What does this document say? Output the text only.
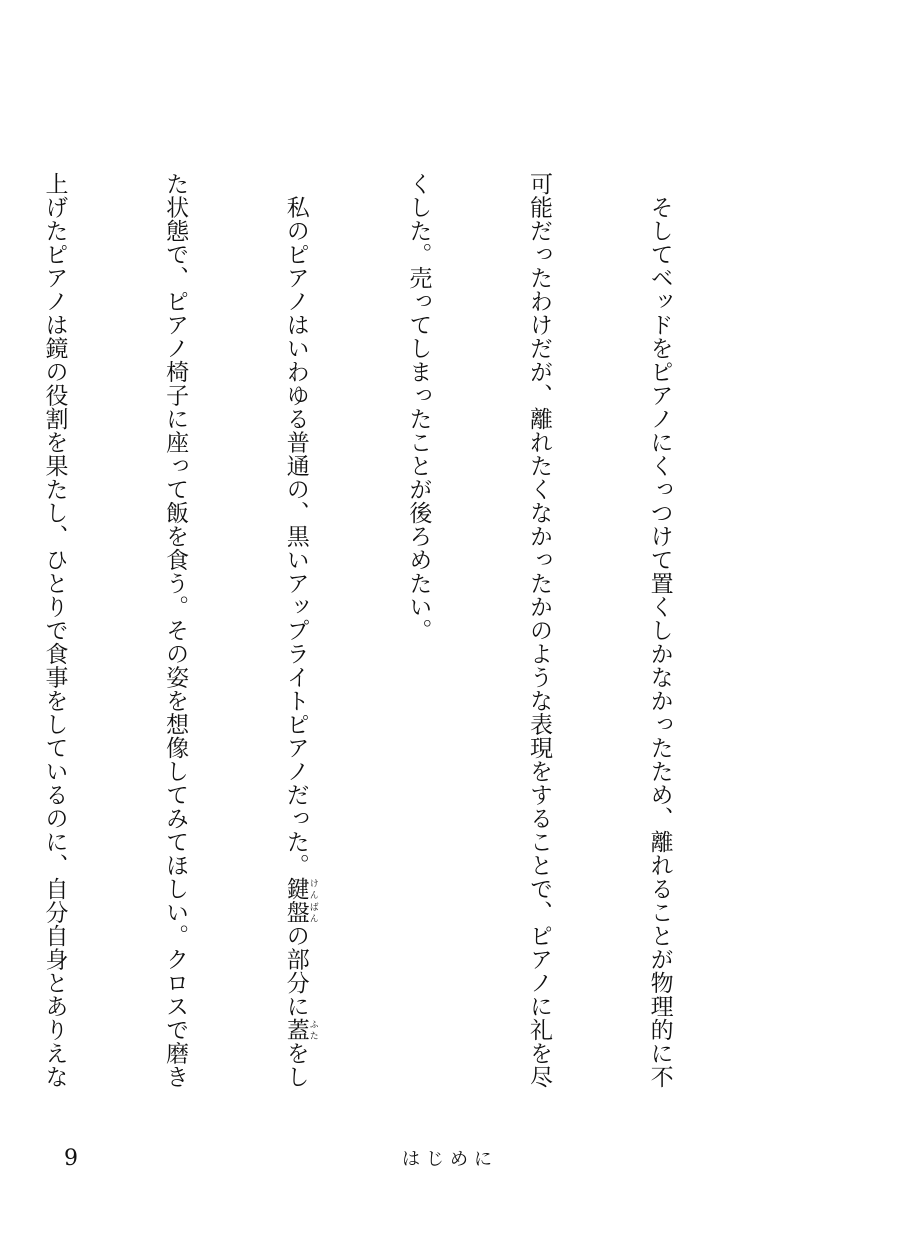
　そしてベッドをピアノにくっつけて置くしかなかったため、離れることが物理的に不

可能だったわけだが、離れたくなかったかのような表現をすることで、ピアノに礼を尽

くした。売ってしまったことが後ろめたい。

　私のピアノはいわゆる普通の、黒いアップライトピアノだった。鍵盤 けんばんの部分に蓋 ふたをし

た状態で、ピアノ椅子に座って飯を食う。その姿を想像してみてほしい。クロスで磨き

上げたピアノは鏡の役割を果たし、ひとりで食事をしているのに、自分自身とありえな

9	はじめに
